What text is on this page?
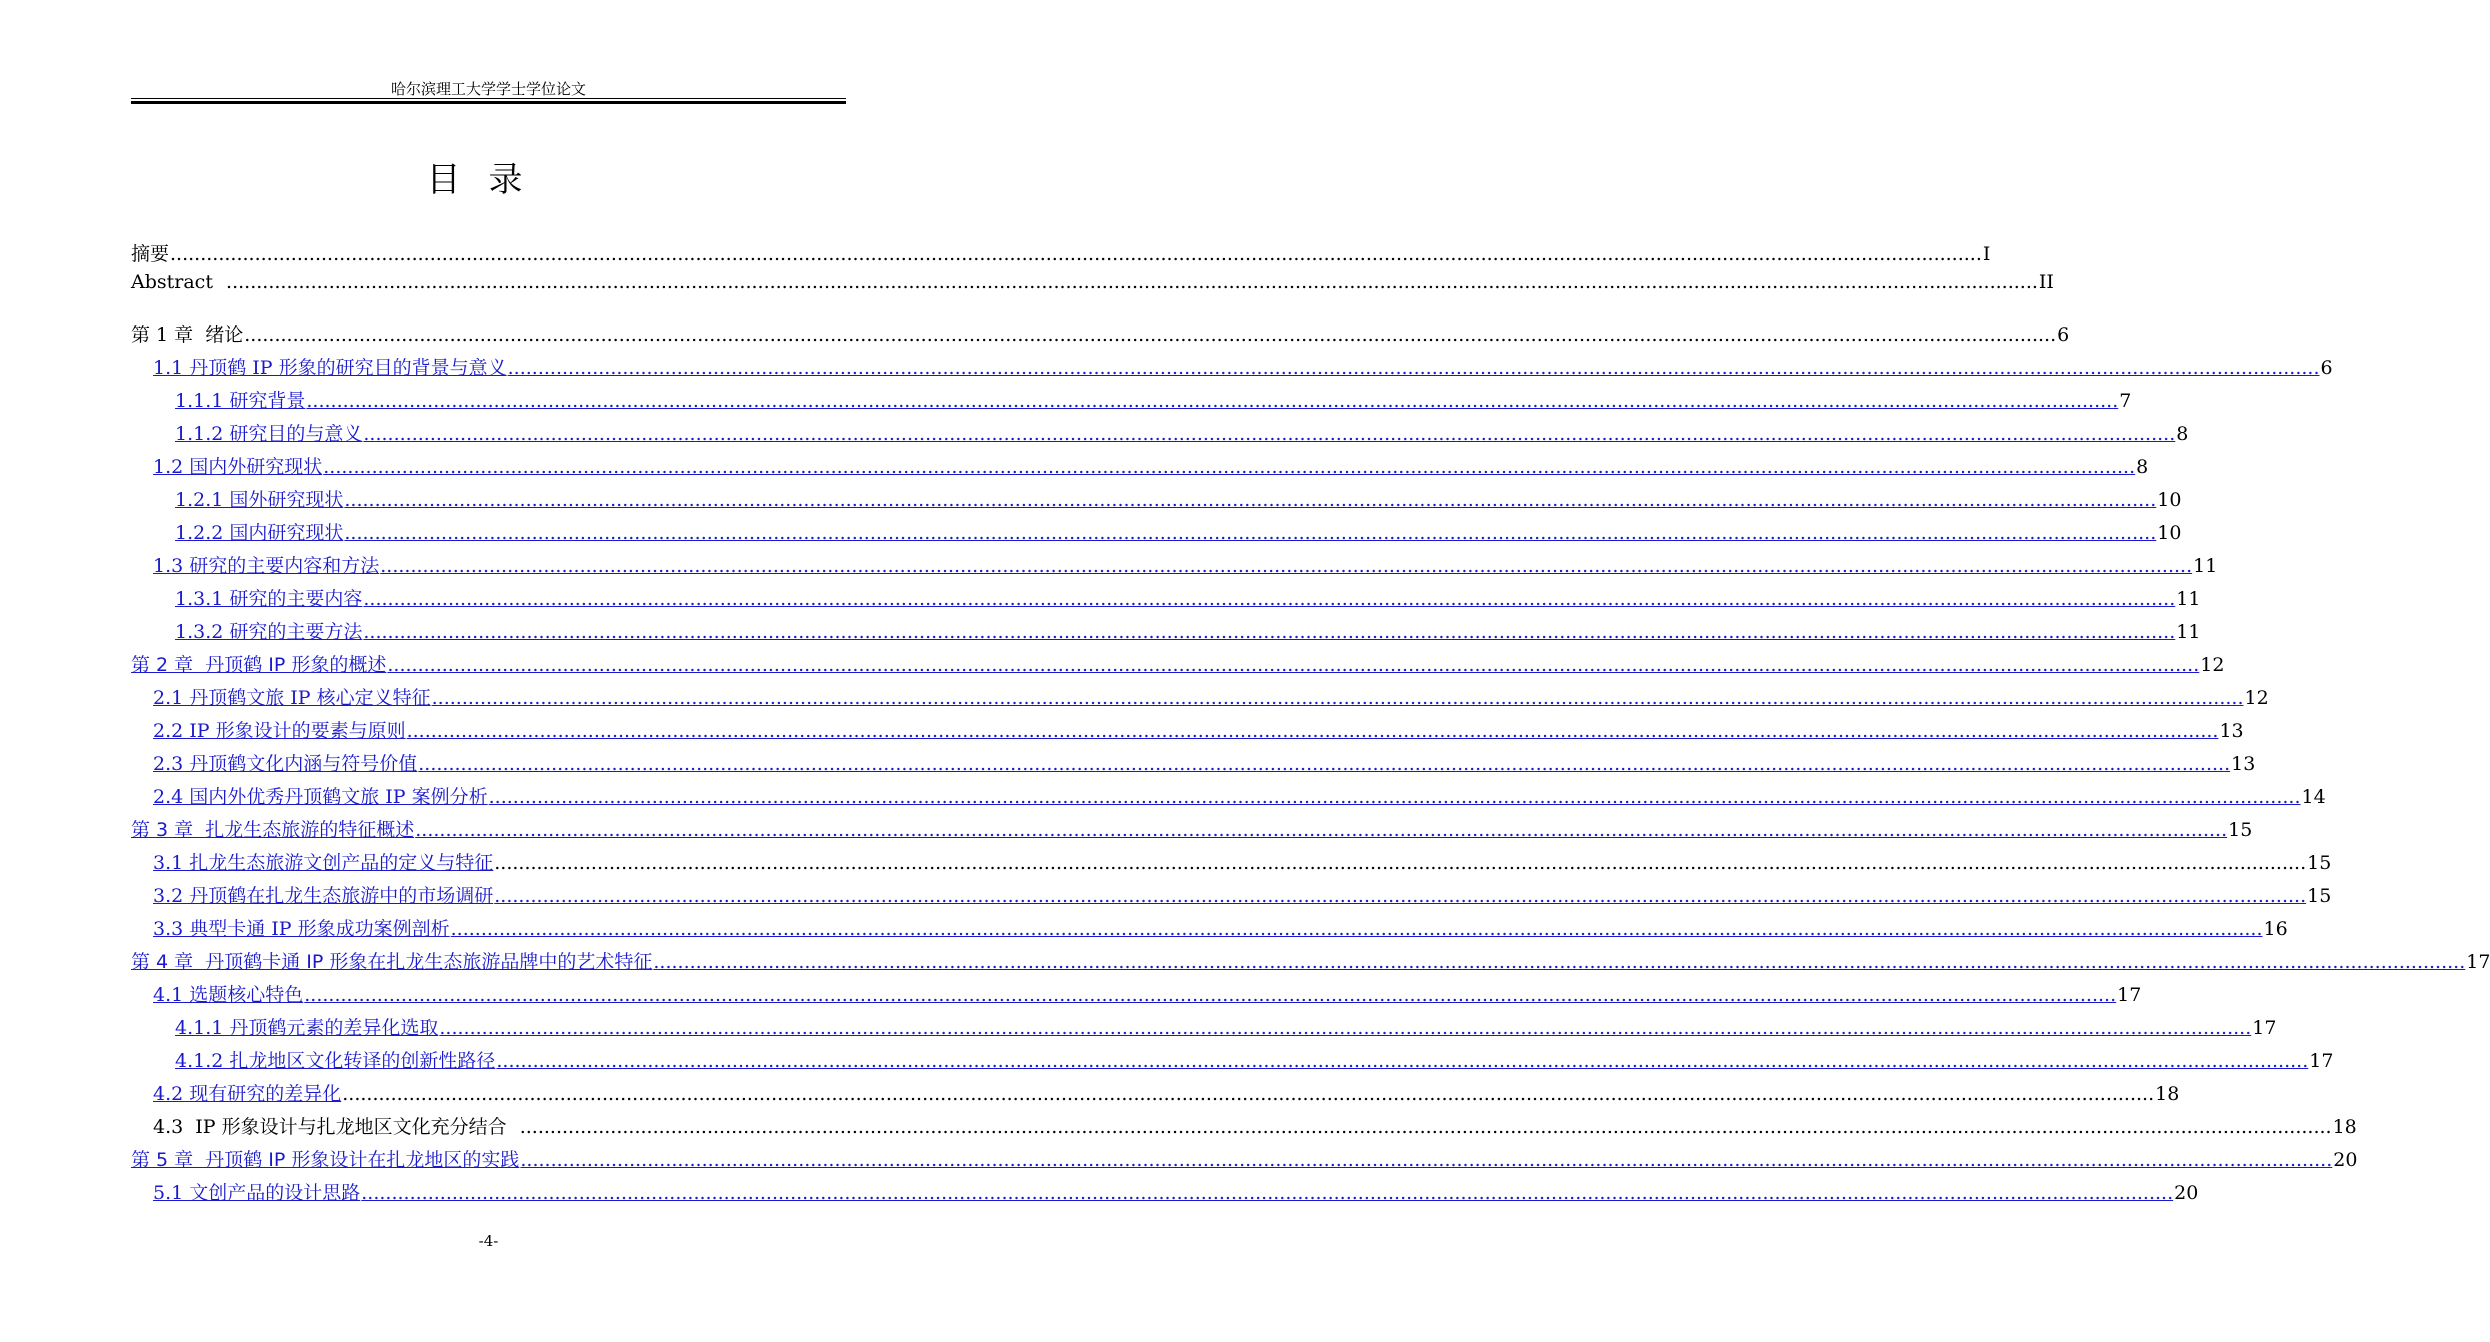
哈尔滨理工大学学士学位论文
目录
摘要 ............................................................................................................................................................................................................................................................................................................ I
Abstract ............................................................................................................................................................................................................................................................................................................ II
第 1 章  绪论 ............................................................................................................................................................................................................................................................................................................ 6
1.1 丹顶鹤 IP 形象的研究目的背景与意义 ............................................................................................................................................................................................................................................................................................................ 6
1.1.1 研究背景 ............................................................................................................................................................................................................................................................................................................ 7
1.1.2 研究目的与意义 ............................................................................................................................................................................................................................................................................................................ 8
1.2 国内外研究现状 ............................................................................................................................................................................................................................................................................................................ 8
1.2.1 国外研究现状 ............................................................................................................................................................................................................................................................................................................ 10
1.2.2 国内研究现状 ............................................................................................................................................................................................................................................................................................................ 10
1.3 研究的主要内容和方法 ............................................................................................................................................................................................................................................................................................................ 11
1.3.1 研究的主要内容 ............................................................................................................................................................................................................................................................................................................ 11
1.3.2 研究的主要方法 ............................................................................................................................................................................................................................................................................................................ 11
第 2 章  丹顶鹤 IP 形象的概述 ............................................................................................................................................................................................................................................................................................................ 12
2.1 丹顶鹤文旅 IP 核心定义特征 ............................................................................................................................................................................................................................................................................................................ 12
2.2 IP 形象设计的要素与原则 ............................................................................................................................................................................................................................................................................................................ 13
2.3 丹顶鹤文化内涵与符号价值 ............................................................................................................................................................................................................................................................................................................ 13
2.4 国内外优秀丹顶鹤文旅 IP 案例分析 ............................................................................................................................................................................................................................................................................................................ 14
第 3 章  扎龙生态旅游的特征概述 ............................................................................................................................................................................................................................................................................................................ 15
3.1 扎龙生态旅游文创产品的定义与特征 ............................................................................................................................................................................................................................................................................................................ 15
3.2 丹顶鹤在扎龙生态旅游中的市场调研 ............................................................................................................................................................................................................................................................................................................ 15
3.3 典型卡通 IP 形象成功案例剖析 ............................................................................................................................................................................................................................................................................................................ 16
第 4 章  丹顶鹤卡通 IP 形象在扎龙生态旅游品牌中的艺术特征 ............................................................................................................................................................................................................................................................................................................ 17
4.1 选题核心特色 ............................................................................................................................................................................................................................................................................................................ 17
4.1.1 丹顶鹤元素的差异化选取 ............................................................................................................................................................................................................................................................................................................ 17
4.1.2 扎龙地区文化转译的创新性路径 ............................................................................................................................................................................................................................................................................................................ 17
4.2 现有研究的差异化 ............................................................................................................................................................................................................................................................................................................ 18
4.3  IP 形象设计与扎龙地区文化充分结合 ............................................................................................................................................................................................................................................................................................................ 18
第 5 章  丹顶鹤 IP 形象设计在扎龙地区的实践 ............................................................................................................................................................................................................................................................................................................ 20
5.1 文创产品的设计思路 ............................................................................................................................................................................................................................................................................................................ 20
-4-
